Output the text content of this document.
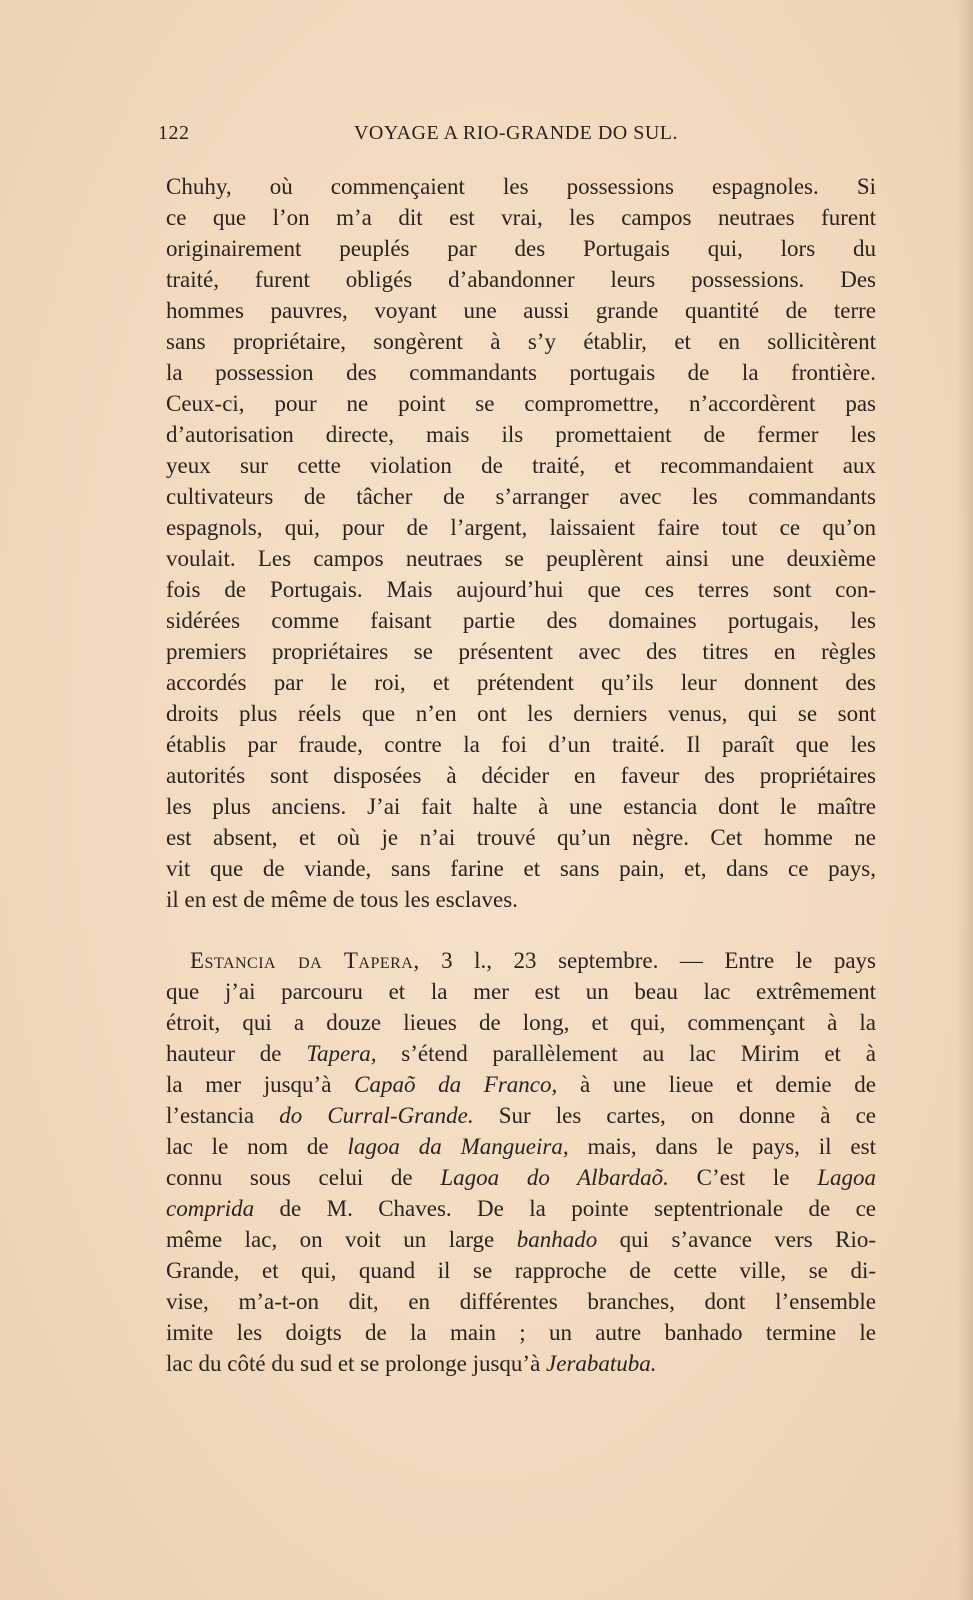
122	VOYAGE A RIO-GRANDE DO SUL.
Chuhy, où commençaient les possessions espagnoles. Si
ce que l’on m’a dit est vrai, les campos neutraes furent
originairement peuplés par des Portugais qui, lors du
traité, furent obligés d’abandonner leurs possessions. Des
hommes pauvres, voyant une aussi grande quantité de terre
sans propriétaire, songèrent à s’y établir, et en sollicitèrent
la possession des commandants portugais de la frontière.
Ceux-ci, pour ne point se compromettre, n’accordèrent pas
d’autorisation directe, mais ils promettaient de fermer les
yeux sur cette violation de traité, et recommandaient aux
cultivateurs de tâcher de s’arranger avec les commandants
espagnols, qui, pour de l’argent, laissaient faire tout ce qu’on
voulait. Les campos neutraes se peuplèrent ainsi une deuxième
fois de Portugais. Mais aujourd’hui que ces terres sont con-
sidérées comme faisant partie des domaines portugais, les
premiers propriétaires se présentent avec des titres en règles
accordés par le roi, et prétendent qu’ils leur donnent des
droits plus réels que n’en ont les derniers venus, qui se sont
établis par fraude, contre la foi d’un traité. Il paraît que les
autorités sont disposées à décider en faveur des propriétaires
les plus anciens. J’ai fait halte à une estancia dont le maître
est absent, et où je n’ai trouvé qu’un nègre. Cet homme ne
vit que de viande, sans farine et sans pain, et, dans ce pays,
il en est de même de tous les esclaves.
Estancia da Tapera, 3 l., 23 septembre. — Entre le pays
que j’ai parcouru et la mer est un beau lac extrêmement
étroit, qui a douze lieues de long, et qui, commençant à la
hauteur de Tapera, s’étend parallèlement au lac Mirim et à
la mer jusqu’à Capaõ da Franco, à une lieue et demie de
l’estancia do Curral-Grande. Sur les cartes, on donne à ce
lac le nom de lagoa da Mangueira, mais, dans le pays, il est
connu sous celui de Lagoa do Albardaõ. C’est le Lagoa
comprida de M. Chaves. De la pointe septentrionale de ce
même lac, on voit un large banhado qui s’avance vers Rio-
Grande, et qui, quand il se rapproche de cette ville, se di-
vise, m’a-t-on dit, en différentes branches, dont l’ensemble
imite les doigts de la main ; un autre banhado termine le
lac du côté du sud et se prolonge jusqu’à Jerabatuba.
